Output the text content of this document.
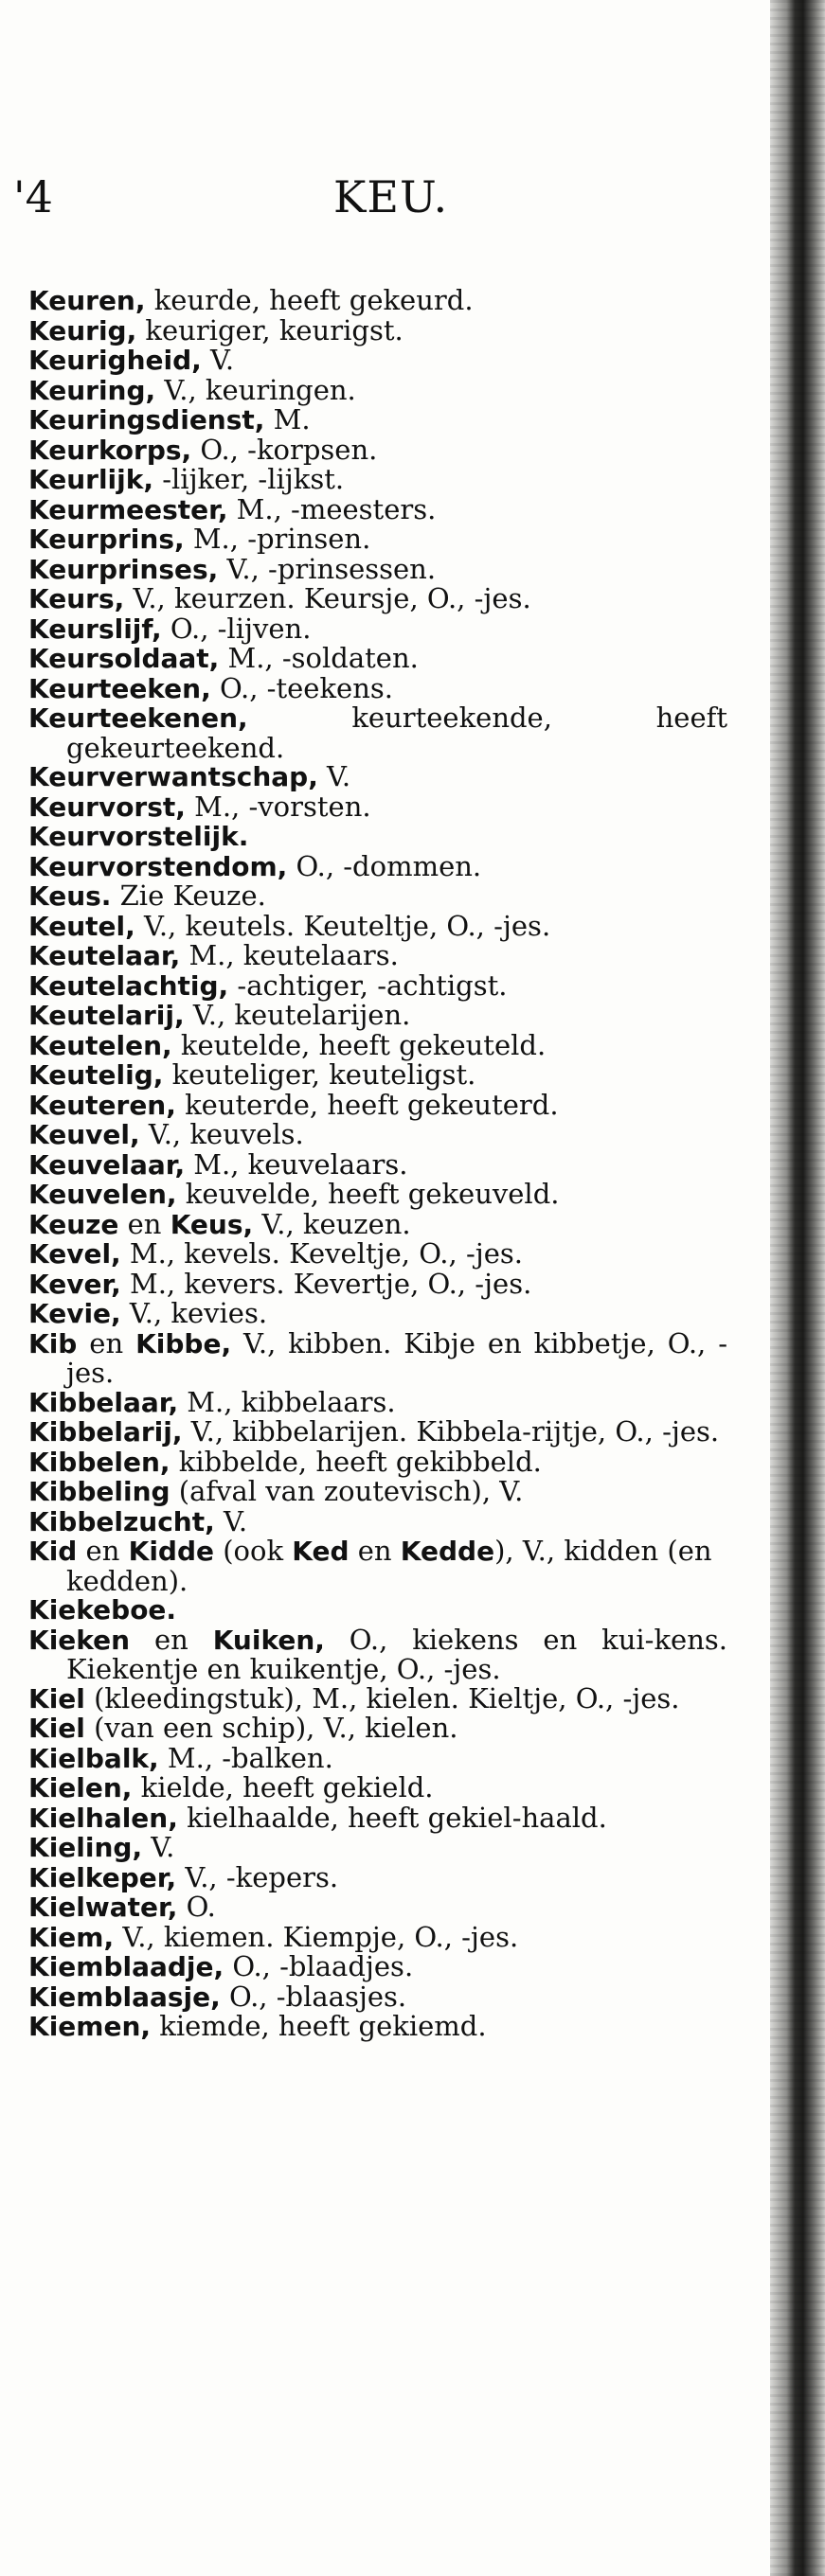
'4	KEU.
Keuren, keurde, heeft gekeurd.
Keurig, keuriger, keurigst.
Keurigheid, V.
Keuring, V., keuringen.
Keuringsdienst, M.
Keurkorps, O., -korpsen.
Keurlijk, -lijker, -lijkst.
Keurmeester, M., -meesters.
Keurprins, M., -prinsen.
Keurprinses, V., -prinsessen.
Keurs, V., keurzen. Keursje, O., -jes.
Keurslijf, O., -lijven.
Keursoldaat, M., -soldaten.
Keurteeken, O., -teekens.
Keurteekenen, keurteekende, heeft gekeurteekend.
Keurverwantschap, V.
Keurvorst, M., -vorsten.
Keurvorstelijk.
Keurvorstendom, O., -dommen.
Keus. Zie Keuze.
Keutel, V., keutels. Keuteltje, O., -jes.
Keutelaar, M., keutelaars.
Keutelachtig, -achtiger, -achtigst.
Keutelarij, V., keutelarijen.
Keutelen, keutelde, heeft gekeuteld.
Keutelig, keuteliger, keuteligst.
Keuteren, keuterde, heeft gekeuterd.
Keuvel, V., keuvels.
Keuvelaar, M., keuvelaars.
Keuvelen, keuvelde, heeft gekeuveld.
Keuze en Keus, V., keuzen.
Kevel, M., kevels. Keveltje, O., -jes.
Kever, M., kevers. Kevertje, O., -jes.
Kevie, V., kevies.
Kib en Kibbe, V., kibben. Kibje en kibbetje, O., -jes.
Kibbelaar, M., kibbelaars.
Kibbelarij, V., kibbelarijen. Kibbela-rijtje, O., -jes.
Kibbelen, kibbelde, heeft gekibbeld.
Kibbeling (afval van zoutevisch), V.
Kibbelzucht, V.
Kid en Kidde (ook Ked en Kedde), V., kidden (en kedden).
Kiekeboe.
Kieken en Kuiken, O., kiekens en kui-kens. Kiekentje en kuikentje, O., -jes.
Kiel (kleedingstuk), M., kielen. Kieltje, O., -jes.
Kiel (van een schip), V., kielen.
Kielbalk, M., -balken.
Kielen, kielde, heeft gekield.
Kielhalen, kielhaalde, heeft gekiel-haald.
Kieling, V.
Kielkeper, V., -kepers.
Kielwater, O.
Kiem, V., kiemen. Kiempje, O., -jes.
Kiemblaadje, O., -blaadjes.
Kiemblaasje, O., -blaasjes.
Kiemen, kiemde, heeft gekiemd.
